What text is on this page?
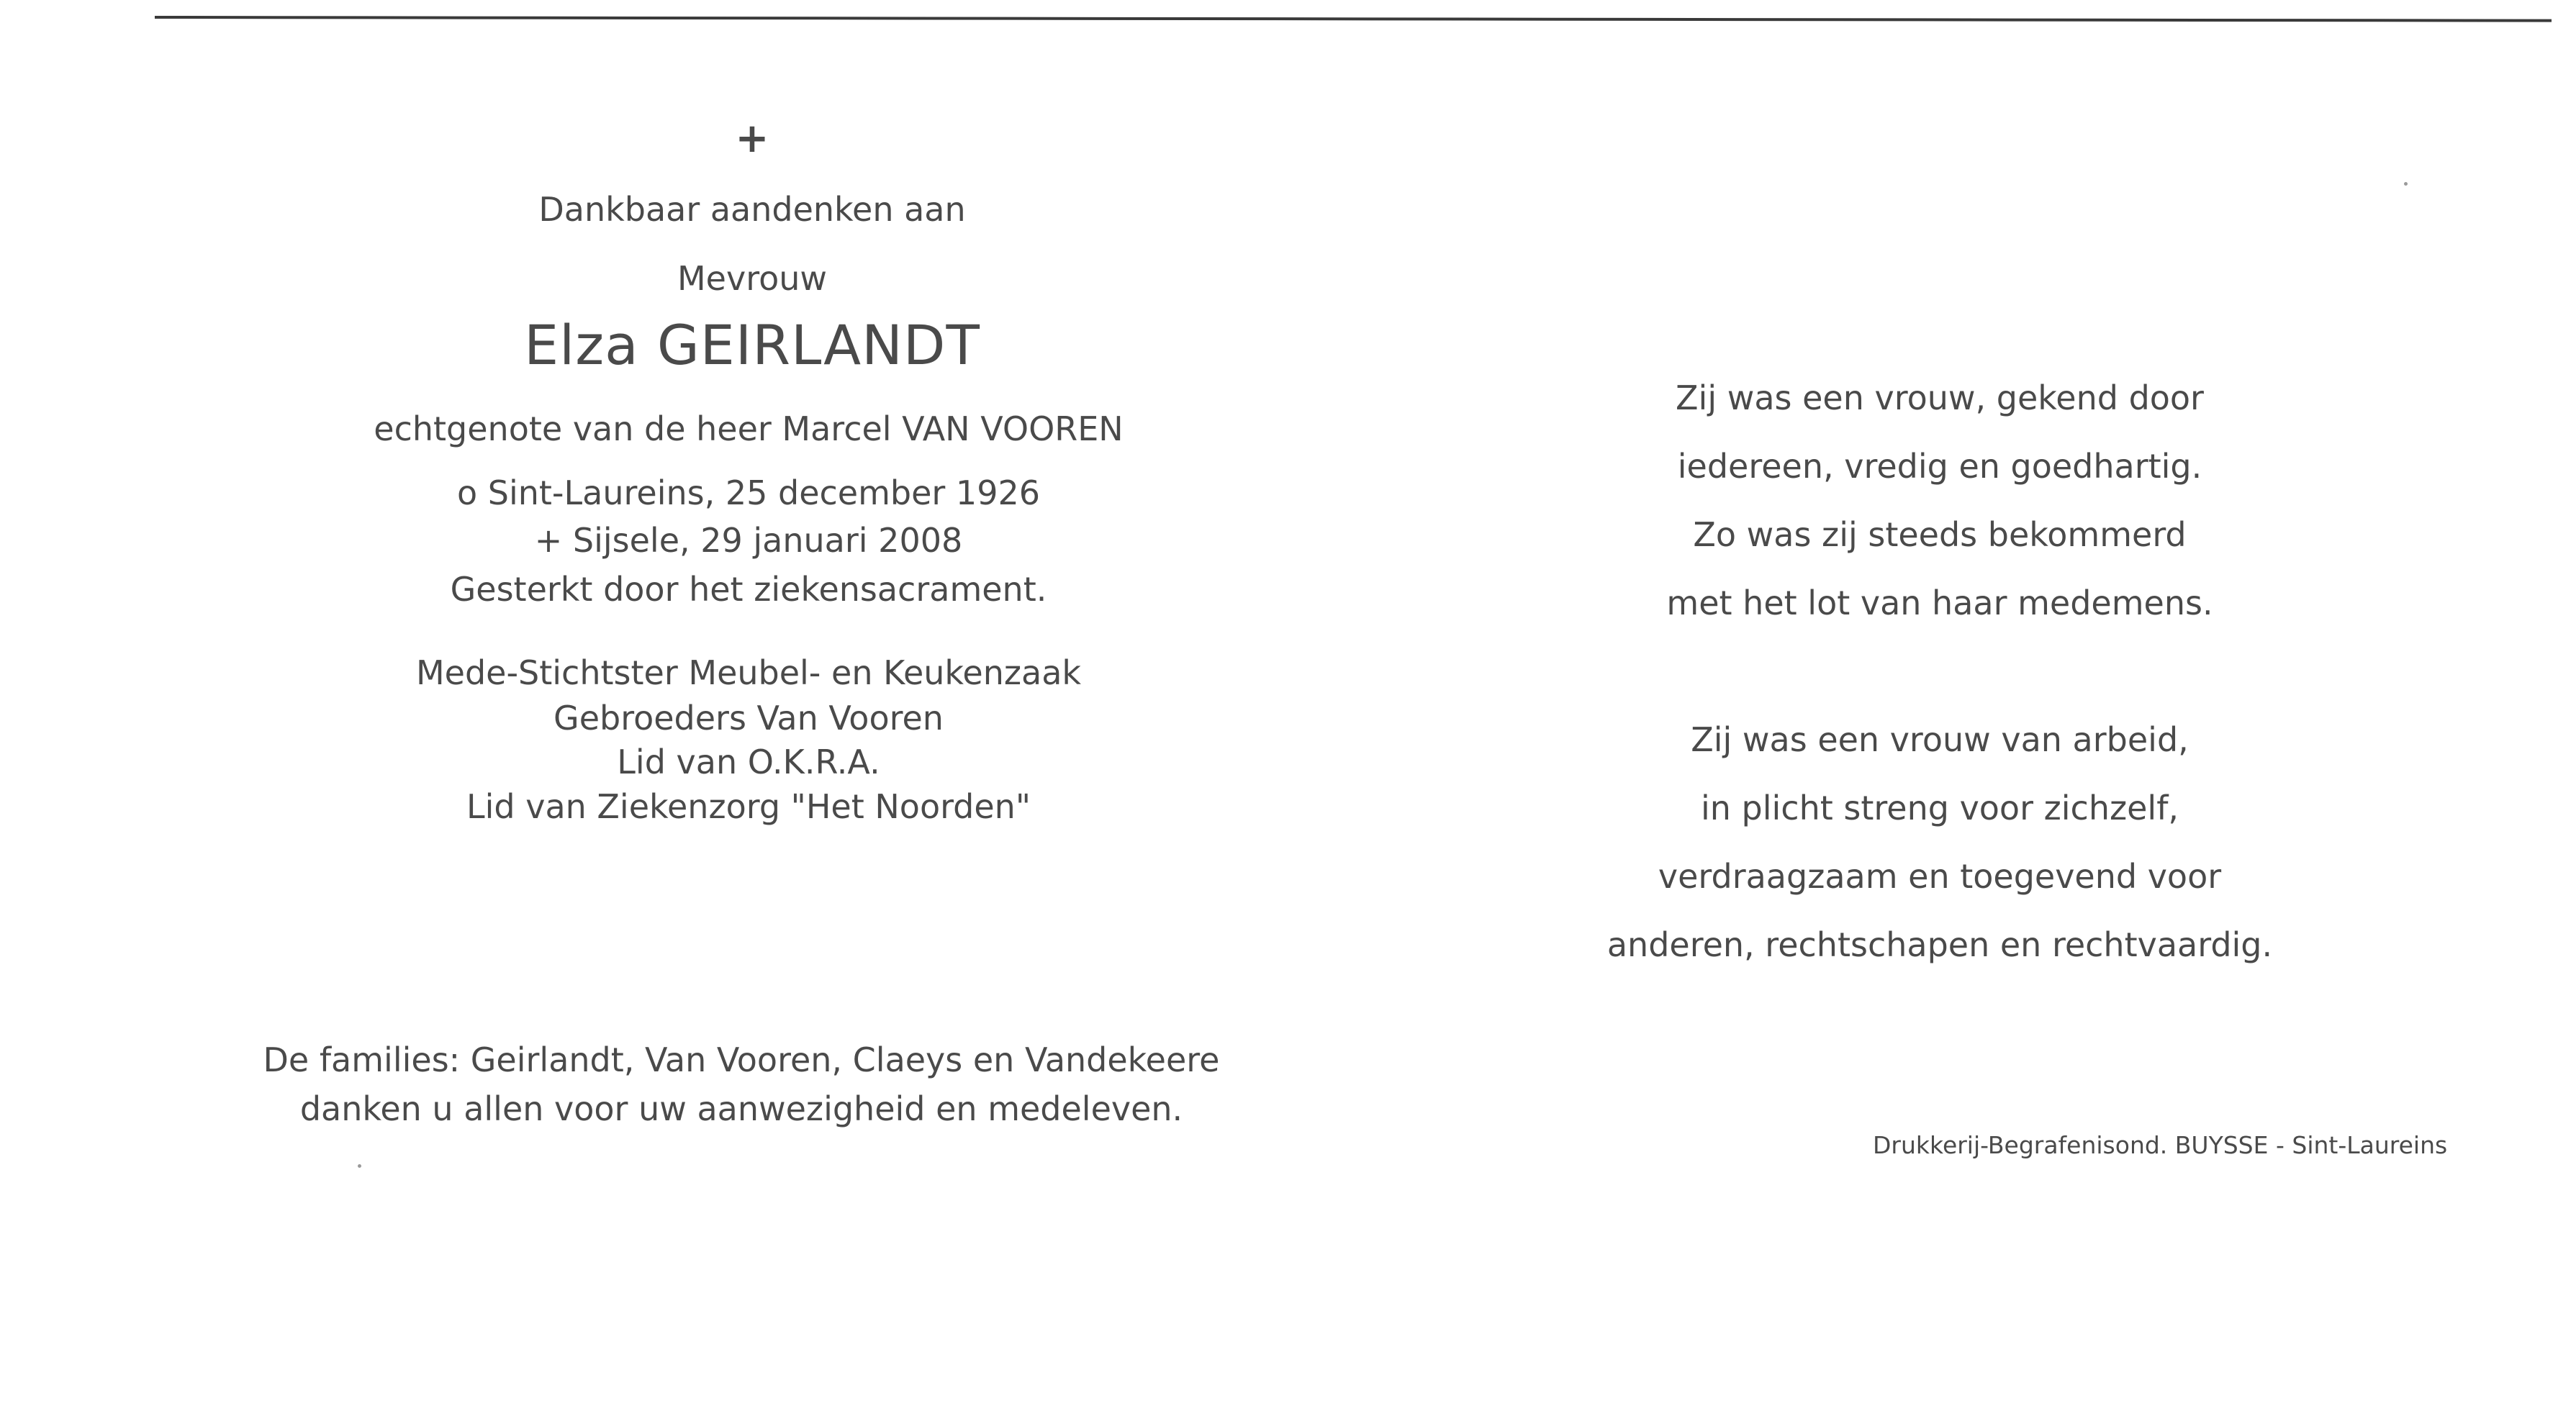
+
Dankbaar aandenken aan
Mevrouw
Elza GEIRLANDT
echtgenote van de heer Marcel VAN VOOREN
o Sint-Laureins, 25 december 1926
+ Sijsele, 29 januari 2008
Gesterkt door het ziekensacrament.
Mede-Stichtster Meubel- en Keukenzaak
Gebroeders Van Vooren
Lid van O.K.R.A.
Lid van Ziekenzorg "Het Noorden"
De families: Geirlandt, Van Vooren, Claeys en Vandekeere
danken u allen voor uw aanwezigheid en medeleven.
Zij was een vrouw, gekend door
iedereen, vredig en goedhartig.
Zo was zij steeds bekommerd
met het lot van haar medemens.
Zij was een vrouw van arbeid,
in plicht streng voor zichzelf,
verdraagzaam en toegevend voor
anderen, rechtschapen en rechtvaardig.
Drukkerij-Begrafenisond. BUYSSE - Sint-Laureins
